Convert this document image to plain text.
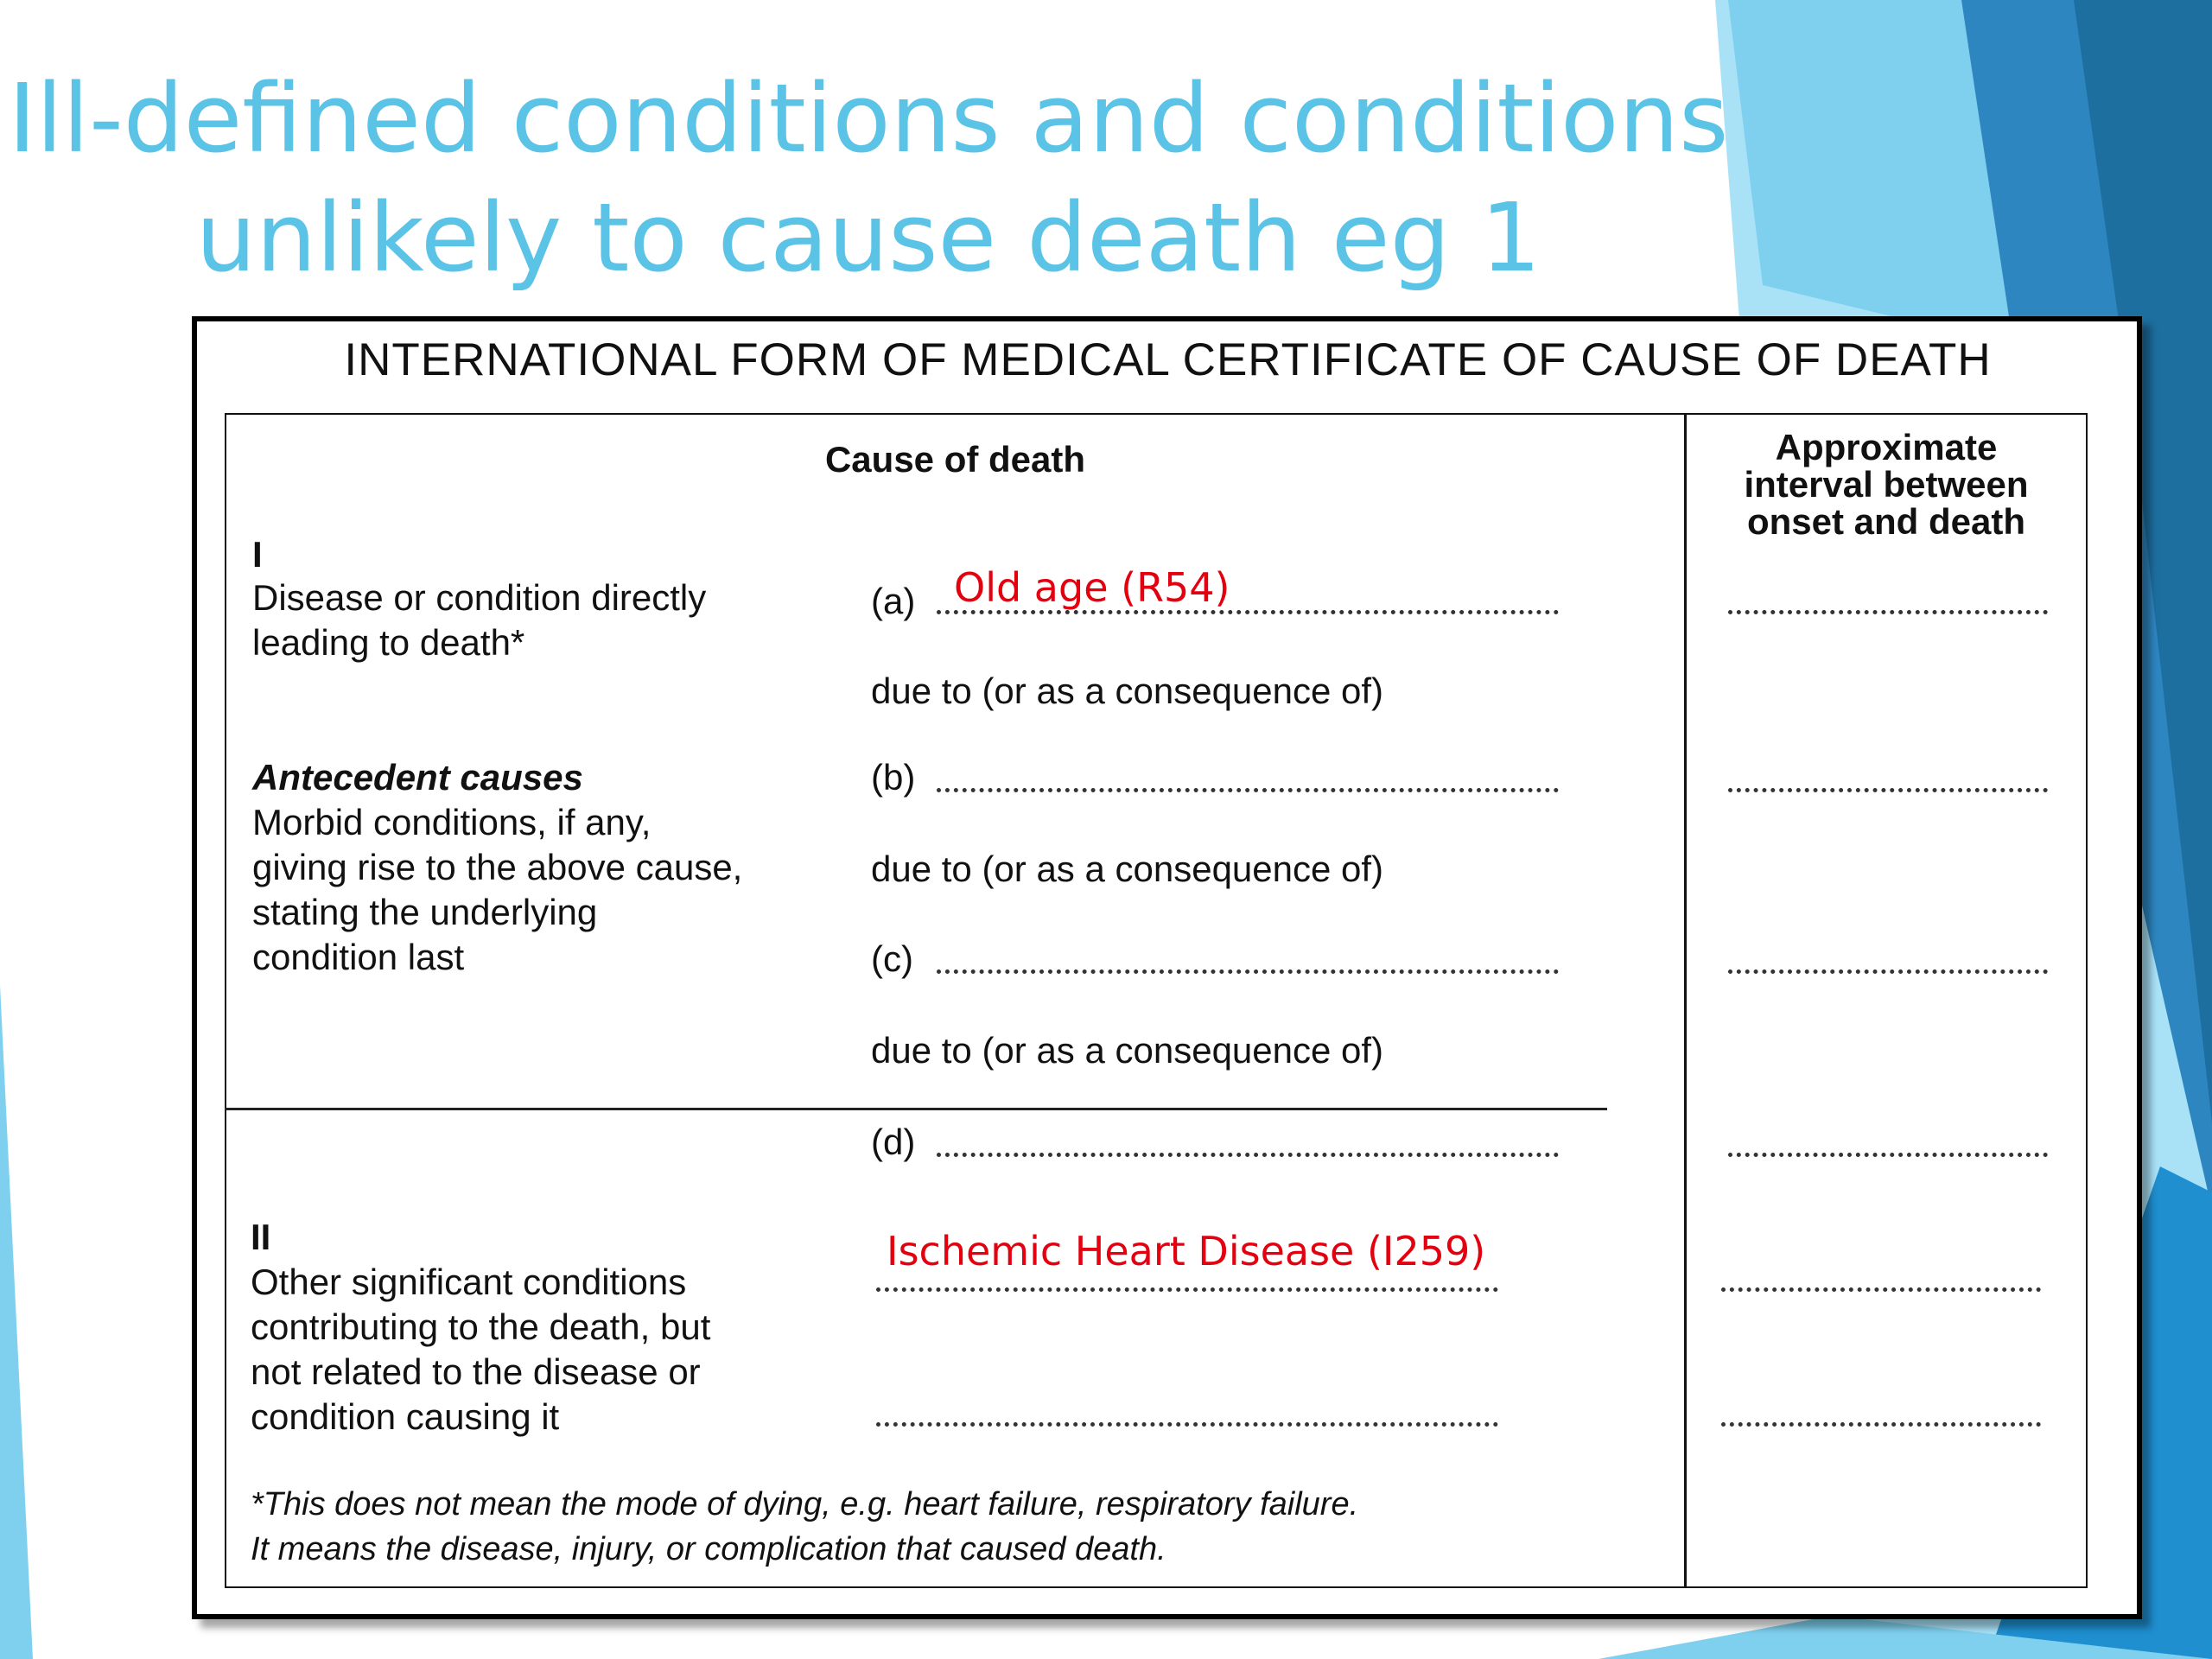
Ill-defined conditions and conditions
unlikely to cause death eg 1
INTERNATIONAL FORM OF MEDICAL CERTIFICATE OF CAUSE OF DEATH
Cause of death	Approximate
interval between
onset and death
I
Disease or condition directly
leading to death*
Antecedent causes
Morbid conditions, if any,
giving rise to the above cause,
stating the underlying
condition last
(a) Old age (R54)
due to (or as a consequence of)
(b)
due to (or as a consequence of)
(c)
due to (or as a consequence of)
(d)
II
Other significant conditions
contributing to the death, but
not related to the disease or
condition causing it
Ischemic Heart Disease (I259)
*This does not mean the mode of dying, e.g. heart failure, respiratory failure.
It means the disease, injury, or complication that caused death.
